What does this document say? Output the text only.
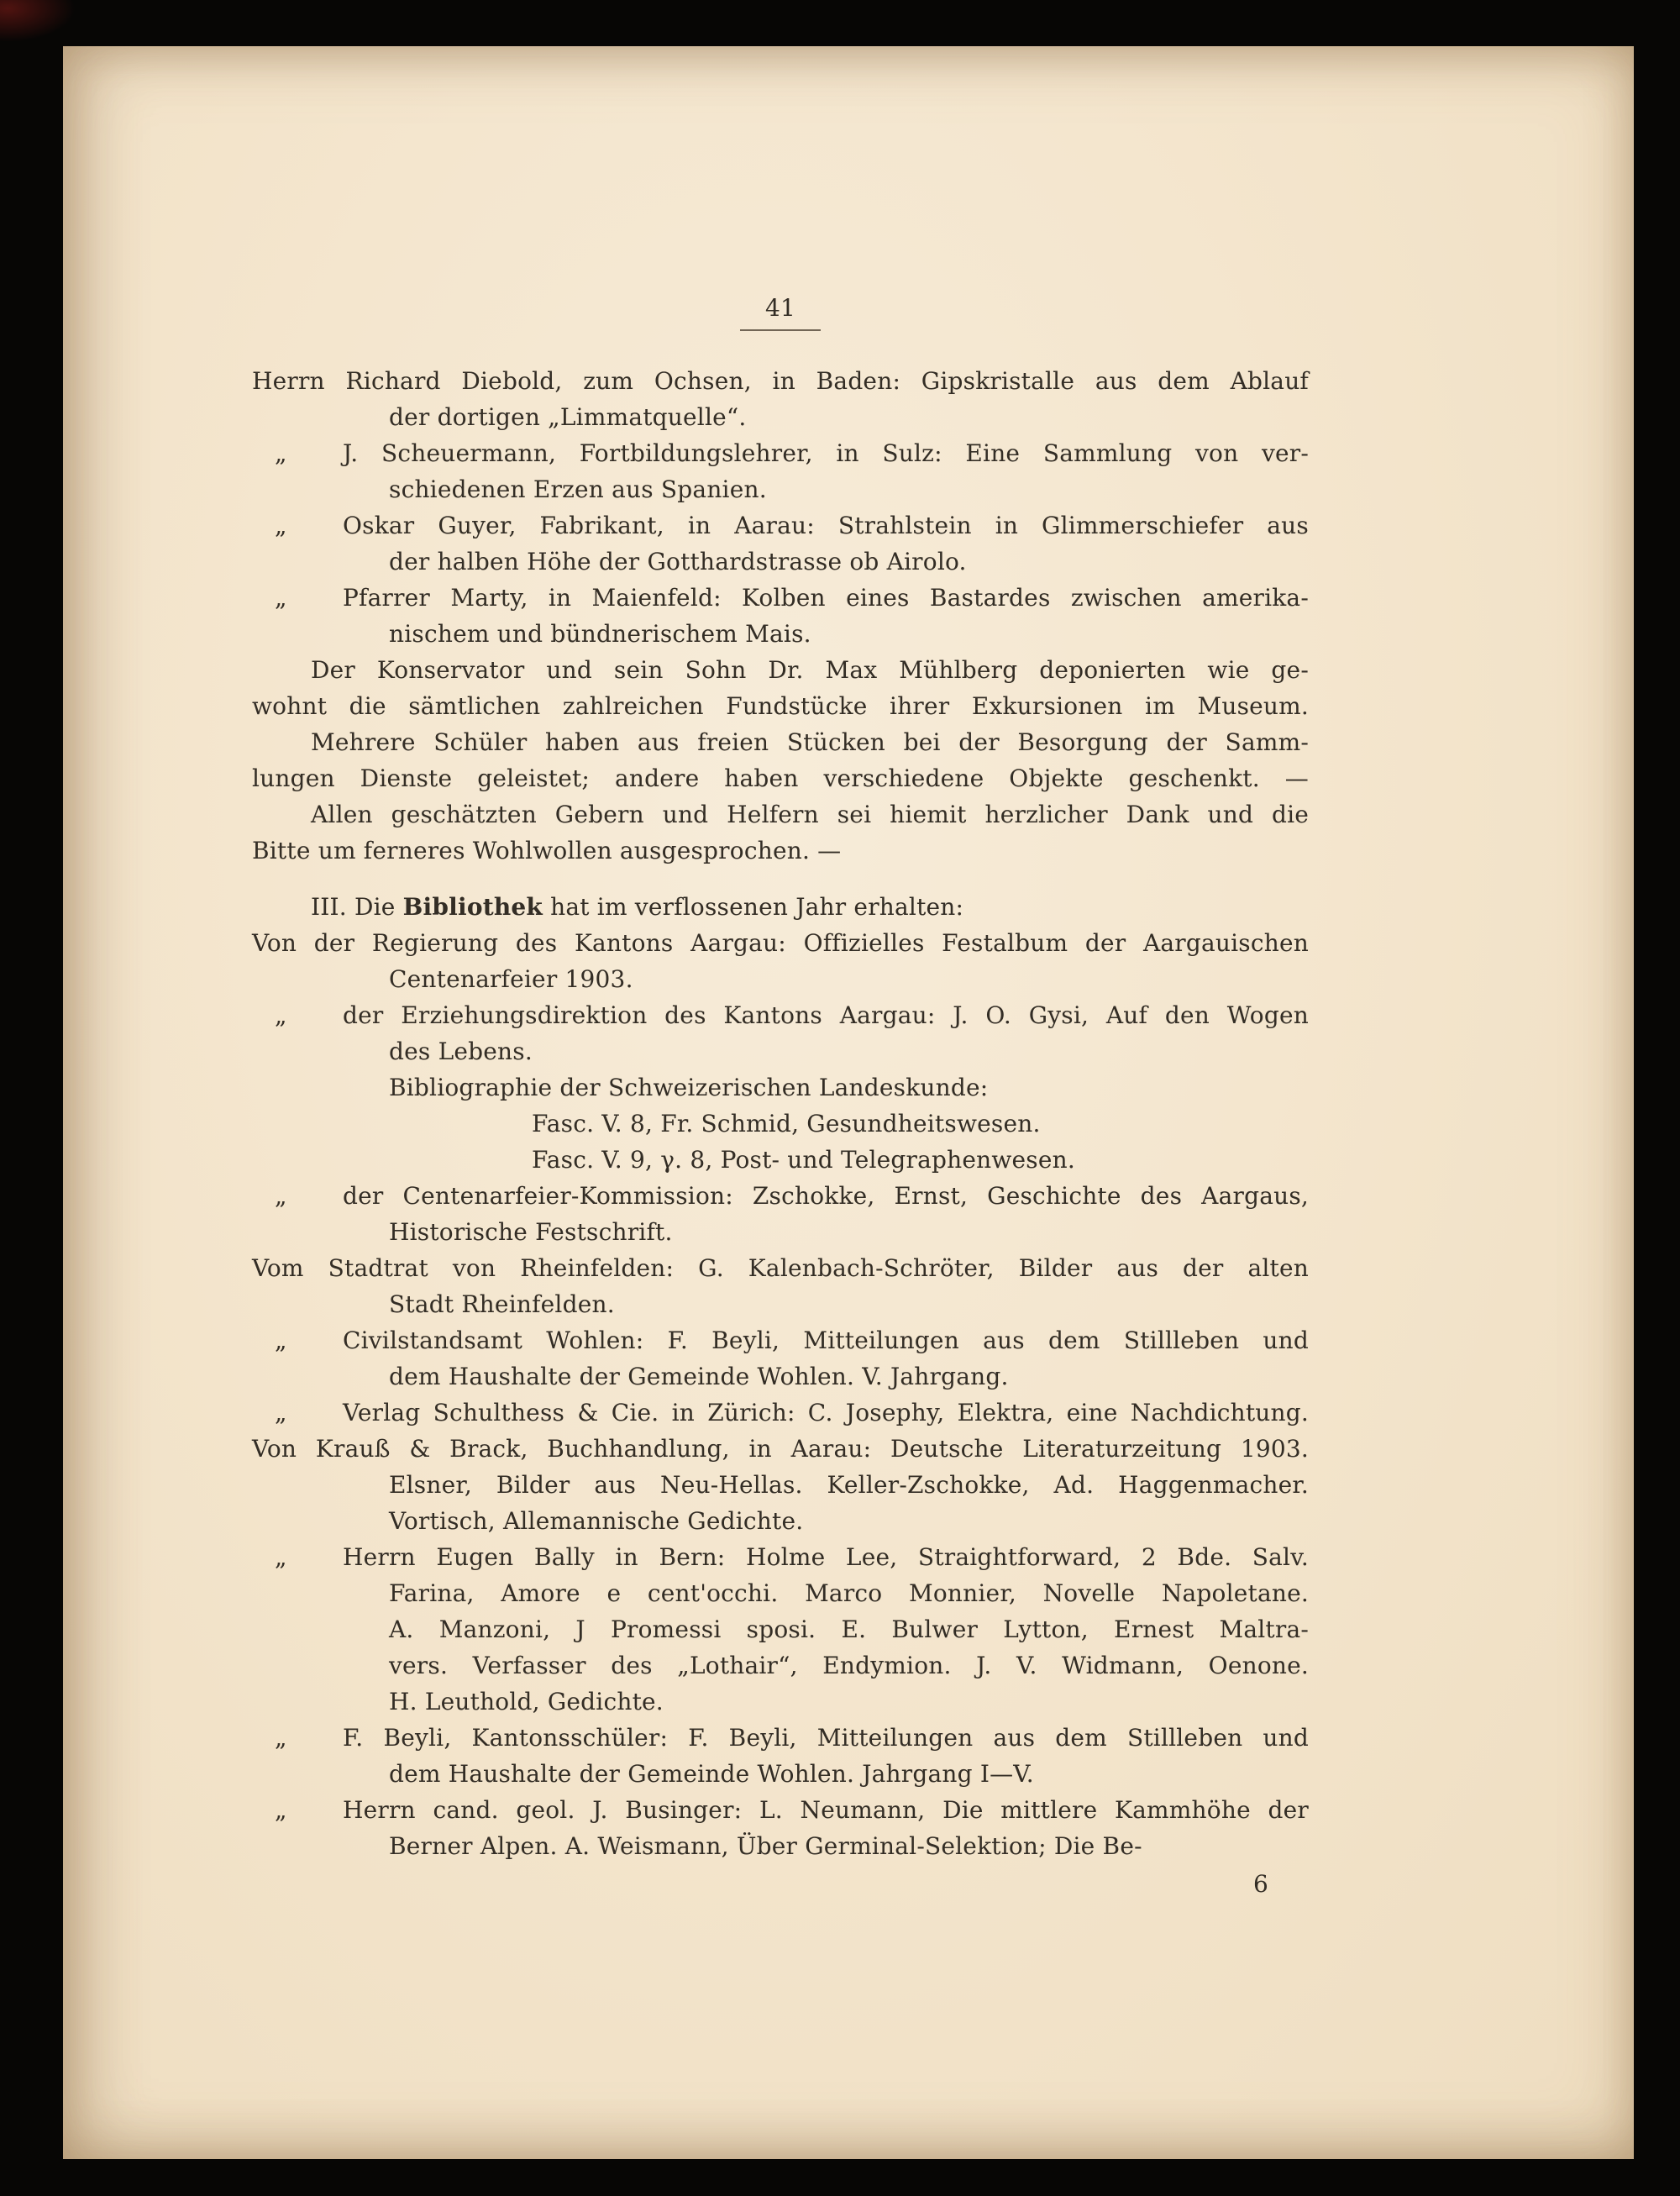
41
Herrn Richard Diebold, zum Ochsen, in Baden: Gipskristalle aus dem Ablauf
der dortigen „Limmatquelle“.
„ J. Scheuermann, Fortbildungslehrer, in Sulz: Eine Sammlung von ver-
schiedenen Erzen aus Spanien.
„ Oskar Guyer, Fabrikant, in Aarau: Strahlstein in Glimmerschiefer aus
der halben Höhe der Gotthardstrasse ob Airolo.
„ Pfarrer Marty, in Maienfeld: Kolben eines Bastardes zwischen amerika-
nischem und bündnerischem Mais.
Der Konservator und sein Sohn Dr. Max Mühlberg deponierten wie ge-
wohnt die sämtlichen zahlreichen Fundstücke ihrer Exkursionen im Museum.
Mehrere Schüler haben aus freien Stücken bei der Besorgung der Samm-
lungen Dienste geleistet; andere haben verschiedene Objekte geschenkt. —
Allen geschätzten Gebern und Helfern sei hiemit herzlicher Dank und die
Bitte um ferneres Wohlwollen ausgesprochen. —
III. Die Bibliothek hat im verflossenen Jahr erhalten:
Von der Regierung des Kantons Aargau: Offizielles Festalbum der Aargauischen
Centenarfeier 1903.
„ der Erziehungsdirektion des Kantons Aargau: J. O. Gysi, Auf den Wogen
des Lebens.
Bibliographie der Schweizerischen Landeskunde:
Fasc. V. 8, Fr. Schmid, Gesundheitswesen.
Fasc. V. 9, γ. 8, Post- und Telegraphenwesen.
„ der Centenarfeier-Kommission: Zschokke, Ernst, Geschichte des Aargaus,
Historische Festschrift.
Vom Stadtrat von Rheinfelden: G. Kalenbach-Schröter, Bilder aus der alten
Stadt Rheinfelden.
„ Civilstandsamt Wohlen: F. Beyli, Mitteilungen aus dem Stillleben und
dem Haushalte der Gemeinde Wohlen. V. Jahrgang.
„ Verlag Schulthess & Cie. in Zürich: C. Josephy, Elektra, eine Nachdichtung.
Von Krauß & Brack, Buchhandlung, in Aarau: Deutsche Literaturzeitung 1903.
Elsner, Bilder aus Neu-Hellas. Keller-Zschokke, Ad. Haggenmacher.
Vortisch, Allemannische Gedichte.
„ Herrn Eugen Bally in Bern: Holme Lee, Straightforward, 2 Bde. Salv.
Farina, Amore e cent'occhi. Marco Monnier, Novelle Napoletane.
A. Manzoni, J Promessi sposi. E. Bulwer Lytton, Ernest Maltra-
vers. Verfasser des „Lothair“, Endymion. J. V. Widmann, Oenone.
H. Leuthold, Gedichte.
„ F. Beyli, Kantonsschüler: F. Beyli, Mitteilungen aus dem Stillleben und
dem Haushalte der Gemeinde Wohlen. Jahrgang I—V.
„ Herrn cand. geol. J. Businger: L. Neumann, Die mittlere Kammhöhe der
Berner Alpen. A. Weismann, Über Germinal-Selektion; Die Be-
6
